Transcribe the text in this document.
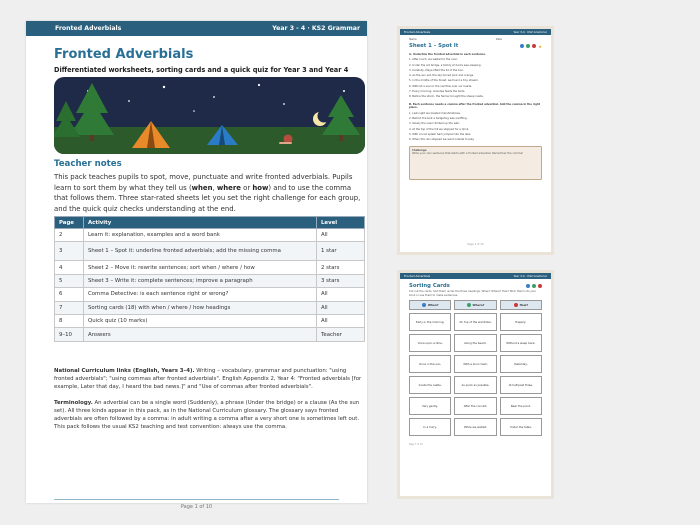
Fronted Adverbials	Year 3 - 4 · KS2 Grammar
Fronted Adverbials
Differentiated worksheets, sorting cards and a quick quiz for Year 3 and Year 4
Teacher notes
This pack teaches pupils to spot, move, punctuate and write fronted adverbials. Pupils learn to sort them by what they tell us (when, where or how) and to use the comma that follows them. Three star-rated sheets let you set the right challenge for each group, and the quick quiz checks understanding at the end.
Page	Activity	Level
2	Learn it: explanation, examples and a word bank	All
3	Sheet 1 – Spot it: underline fronted adverbials; add the missing comma	1 star
4	Sheet 2 – Move it: rewrite sentences; sort when / where / how	2 stars
5	Sheet 3 – Write it: complete sentences; improve a paragraph	3 stars
6	Comma Detective: is each sentence right or wrong?	All
7	Sorting cards (18) with when / where / how headings	All
8	Quick quiz (10 marks)	All
9–10	Answers	Teacher
National Curriculum links (English, Years 3–4). Writing – vocabulary, grammar and punctuation: "using fronted adverbials"; "using commas after fronted adverbials". English Appendix 2, Year 4: "Fronted adverbials [for example, Later that day, I heard the bad news.]" and "Use of commas after fronted adverbials".
Terminology. An adverbial can be a single word (Suddenly), a phrase (Under the bridge) or a clause (As the sun set). All three kinds appear in this pack, as in the National Curriculum glossary. The glossary says fronted adverbials are often followed by a comma: in adult writing a comma after a very short one is sometimes left out. This pack follows the usual KS2 teaching and test convention: always use the comma.
Page 1 of 10
Fronted Adverbials	Year 3-4 · KS2 Grammar
Name	Date
Sheet 1 – Spot It	★
A. Underline the fronted adverbial in each sentence.
1. After lunch, we walked to the river.
2. Under the old bridge, a family of ducks was sleeping.
3. Carefully, Maya lifted the lid of the box.
4. As the sun set, the sky turned pink and orange.
5. In the middle of the forest, we found a tiny stream.
6. Without a sound, the owl flew over our heads.
7. Every morning, Grandpa feeds the birds.
8. Before the storm, the farmer brought the sheep inside.
B. Each sentence needs a comma after the fronted adverbial. Add the comma in the right place.
1. Last night we toasted marshmallows.
2. Behind the tent a hedgehog was snuffling.
3. Slowly the snail climbed up the wall.
4. At the top of the hill we stopped for a drink.
5. With a loud splash Sam jumped into the lake.
6. When the rain stopped we went outside to play.
Challenge
Write your own sentence that starts with a fronted adverbial. Remember the comma!
Page 3 of 10
Fronted Adverbials	Year 3-4 · KS2 Grammar
Sorting Cards
Cut out the cards. Sort them under the three headings: When? Where? How? Stick them into your book or use them to make sentences.
When?	Where?	How?
Early in the morning,	On top of the wardrobe,	Happily,
Once upon a time,	Along the beach,	Without a sleep back,
Once in the sun,	With a loud crash,	Yesterday,
Inside the castle,	As quick as possible,	At half-past three,
Very gently,	After the concert,	Near the pond,
In a hurry,	While we waited,	Under the table,
Page 7 of 10
